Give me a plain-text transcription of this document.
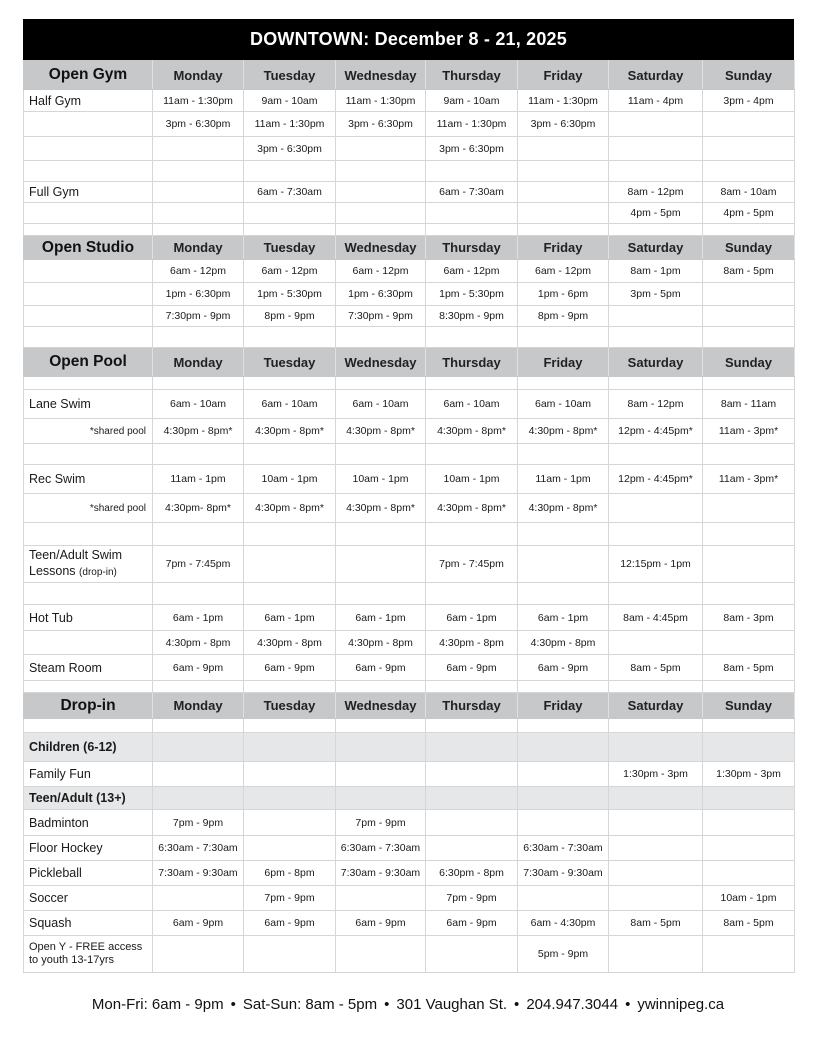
DOWNTOWN: December 8 - 21, 2025
Open Gym	Monday	Tuesday	Wednesday	Thursday	Friday	Saturday	Sunday
Half Gym	11am - 1:30pm	9am - 10am	11am - 1:30pm	9am - 10am	11am - 1:30pm	11am - 4pm	3pm - 4pm
	3pm - 6:30pm	11am - 1:30pm	3pm - 6:30pm	11am - 1:30pm	3pm - 6:30pm		
		3pm - 6:30pm		3pm - 6:30pm			

Full Gym		6am - 7:30am		6am - 7:30am		8am - 12pm	8am - 10am
						4pm - 5pm	4pm - 5pm

Open Studio	Monday	Tuesday	Wednesday	Thursday	Friday	Saturday	Sunday
	6am - 12pm	6am - 12pm	6am - 12pm	6am - 12pm	6am - 12pm	8am - 1pm	8am - 5pm
	1pm - 6:30pm	1pm - 5:30pm	1pm - 6:30pm	1pm - 5:30pm	1pm - 6pm	3pm - 5pm	
	7:30pm - 9pm	8pm - 9pm	7:30pm - 9pm	8:30pm - 9pm	8pm - 9pm		

Open Pool	Monday	Tuesday	Wednesday	Thursday	Friday	Saturday	Sunday

Lane Swim	6am - 10am	6am - 10am	6am - 10am	6am - 10am	6am - 10am	8am - 12pm	8am - 11am
*shared pool	4:30pm - 8pm*	4:30pm - 8pm*	4:30pm - 8pm*	4:30pm - 8pm*	4:30pm - 8pm*	12pm - 4:45pm*	11am - 3pm*

Rec Swim	11am - 1pm	10am - 1pm	10am - 1pm	10am - 1pm	11am - 1pm	12pm - 4:45pm*	11am - 3pm*
*shared pool	4:30pm- 8pm*	4:30pm - 8pm*	4:30pm - 8pm*	4:30pm - 8pm*	4:30pm - 8pm*		

Teen/Adult Swim
Lessons (drop-in)	7pm - 7:45pm			7pm - 7:45pm		12:15pm - 1pm	

Hot Tub	6am - 1pm	6am - 1pm	6am - 1pm	6am - 1pm	6am - 1pm	8am - 4:45pm	8am - 3pm
	4:30pm - 8pm	4:30pm - 8pm	4:30pm - 8pm	4:30pm - 8pm	4:30pm - 8pm		
Steam Room	6am - 9pm	6am - 9pm	6am - 9pm	6am - 9pm	6am - 9pm	8am - 5pm	8am - 5pm

Drop-in	Monday	Tuesday	Wednesday	Thursday	Friday	Saturday	Sunday

Children (6-12)							
Family Fun						1:30pm - 3pm	1:30pm - 3pm
Teen/Adult (13+)							
Badminton	7pm - 9pm		7pm - 9pm				
Floor Hockey	6:30am - 7:30am		6:30am - 7:30am		6:30am - 7:30am		
Pickleball	7:30am - 9:30am	6pm - 8pm	7:30am - 9:30am	6:30pm - 8pm	7:30am - 9:30am		
Soccer		7pm - 9pm		7pm - 9pm			10am - 1pm
Squash	6am - 9pm	6am - 9pm	6am - 9pm	6am - 9pm	6am - 4:30pm	8am - 5pm	8am - 5pm
Open Y - FREE access
to youth 13-17yrs					5pm - 9pm		
Mon-Fri: 6am - 9pm • Sat-Sun: 8am - 5pm • 301 Vaughan St. • 204.947.3044 • ywinnipeg.ca
